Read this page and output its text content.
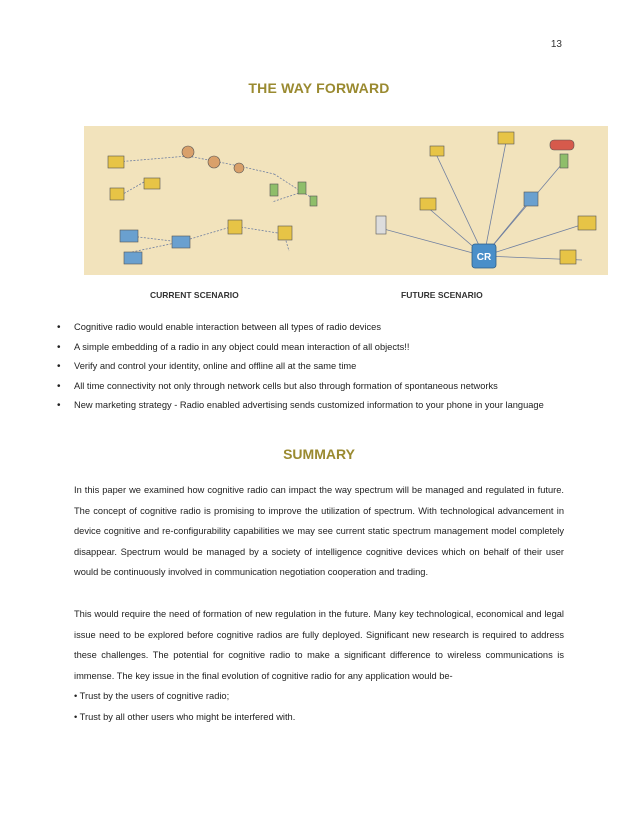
13
THE WAY FORWARD
CR
CURRENT SCENARIO	FUTURE SCENARIO
• Cognitive radio would enable interaction between all types of radio devices
• A simple embedding of a radio in any object could mean interaction of all objects!!
• Verify and control your identity, online and offline all at the same time
• All time connectivity not only through network cells but also through formation of spontaneous networks
• New marketing strategy - Radio enabled advertising sends customized information to your phone in your language
SUMMARY

In this paper we examined how cognitive radio can impact the way spectrum will be managed and regulated in future. The concept of cognitive radio is promising to improve the utilization of spectrum. With technological advancement in device cognitive and re-configurability capabilities we may see current static spectrum management model completely disappear. Spectrum would be managed by a society of intelligence cognitive devices which on behalf of their user would be continuously involved in communication negotiation cooperation and trading.

This would require the need of formation of new regulation in the future. Many key technological, economical and legal issue need to be explored before cognitive radios are fully deployed. Significant new research is required to address these challenges. The potential for cognitive radio to make a significant difference to wireless communications is immense. The key issue in the final evolution of cognitive radio for any application would be-
• Trust by the users of cognitive radio;
• Trust by all other users who might be interfered with.
